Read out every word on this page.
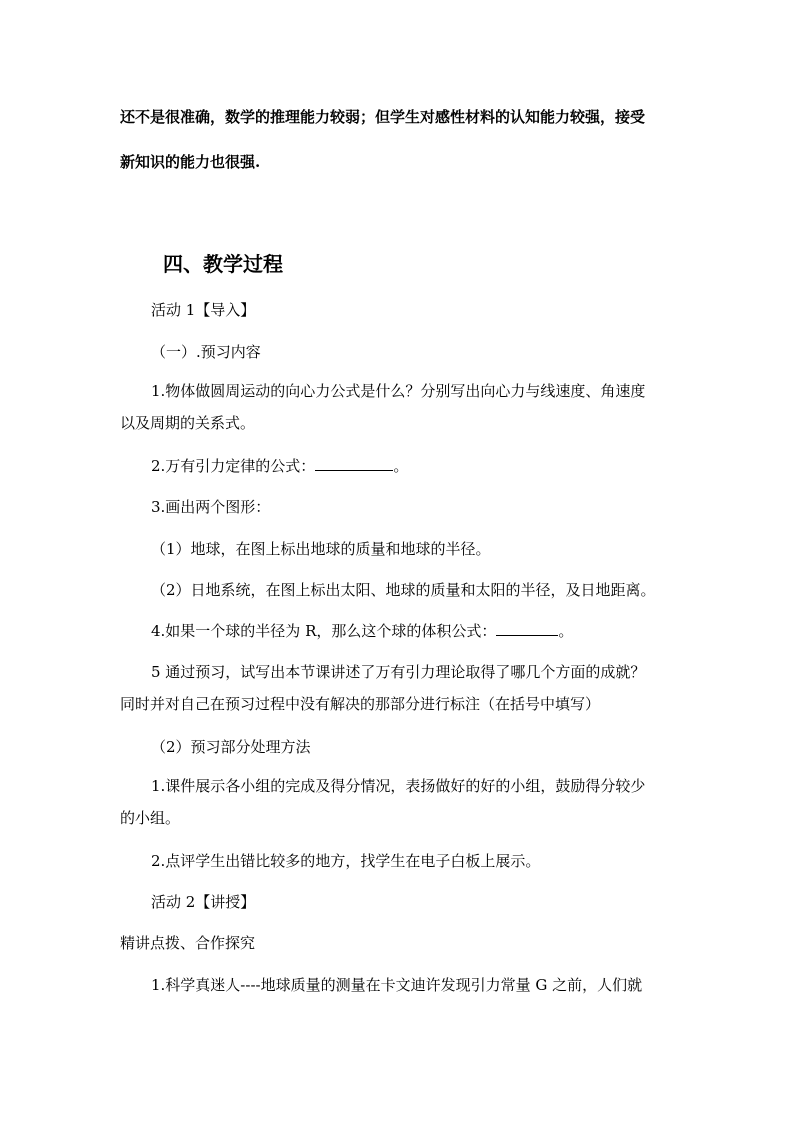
还不是很准确，数学的推理能力较弱；但学生对感性材料的认知能力较强，接受
新知识的能力也很强.
四、教学过程
活动 1【导入】
（一）.预习内容
1.物体做圆周运动的向心力公式是什么？分别写出向心力与线速度、角速度
以及周期的关系式。
2.万有引力定律的公式：	。
3.画出两个图形：
（1）地球，在图上标出地球的质量和地球的半径。
（2）日地系统，在图上标出太阳、地球的质量和太阳的半径，及日地距离。
4.如果一个球的半径为 R，那么这个球的体积公式：	。
5 通过预习，试写出本节课讲述了万有引力理论取得了哪几个方面的成就？
同时并对自己在预习过程中没有解决的那部分进行标注（在括号中填写）
（2）预习部分处理方法
1.课件展示各小组的完成及得分情况，表扬做好的好的小组，鼓励得分较少
的小组。
2.点评学生出错比较多的地方，找学生在电子白板上展示。
活动 2【讲授】
精讲点拨、合作探究
1.科学真迷人----地球质量的测量在卡文迪许发现引力常量 G 之前，人们就
